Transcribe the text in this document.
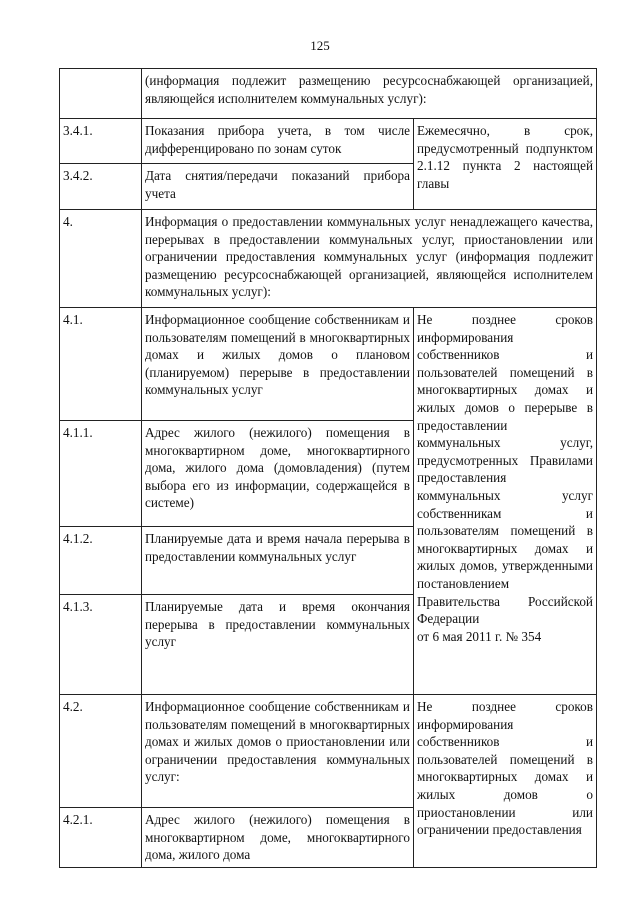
125
	(информация подлежит размещению ресурсоснабжающей организацией, являющейся исполнителем коммунальных услуг):	
3.4.1.	Показания прибора учета, в том числе дифференцировано по зонам суток	Ежемесячно, в срок, предусмотренный подпунктом 2.1.12 пункта 2 настоящей главы
3.4.2.	Дата снятия/передачи показаний прибора учета	
4.	Информация о предоставлении коммунальных услуг ненадлежащего качества, перерывах в предоставлении коммунальных услуг, приостановлении или ограничении предоставления коммунальных услуг (информация подлежит размещению ресурсоснабжающей организацией, являющейся исполнителем коммунальных услуг):	
4.1.	Информационное сообщение собственникам и пользователям помещений в многоквартирных домах и жилых домов о плановом (планируемом) перерыве в предоставлении коммунальных услуг	Не позднее сроков информирования собственников и пользователей помещений в многоквартирных домах и жилых домов о перерыве в предоставлении коммунальных услуг, предусмотренных Правилами предоставления коммунальных услуг собственникам и пользователям помещений в многоквартирных домах и жилых домов, утвержденными постановлением Правительства Российской Федерации
от 6 мая 2011 г. № 354
4.1.1.	Адрес жилого (нежилого) помещения в многоквартирном доме, многоквартирного дома, жилого дома (домовладения) (путем выбора его из информации, содержащейся в системе)	
4.1.2.	Планируемые дата и время начала перерыва в предоставлении коммунальных услуг	
4.1.3.	Планируемые дата и время окончания перерыва в предоставлении коммунальных услуг	
4.2.	Информационное сообщение собственникам и пользователям помещений в многоквартирных домах и жилых домов о приостановлении или ограничении предоставления коммунальных услуг:	Не позднее сроков информирования собственников и пользователей помещений в многоквартирных домах и жилых домов о приостановлении или ограничении предоставления
4.2.1.	Адрес жилого (нежилого) помещения в многоквартирном доме, многоквартирного дома, жилого дома	
